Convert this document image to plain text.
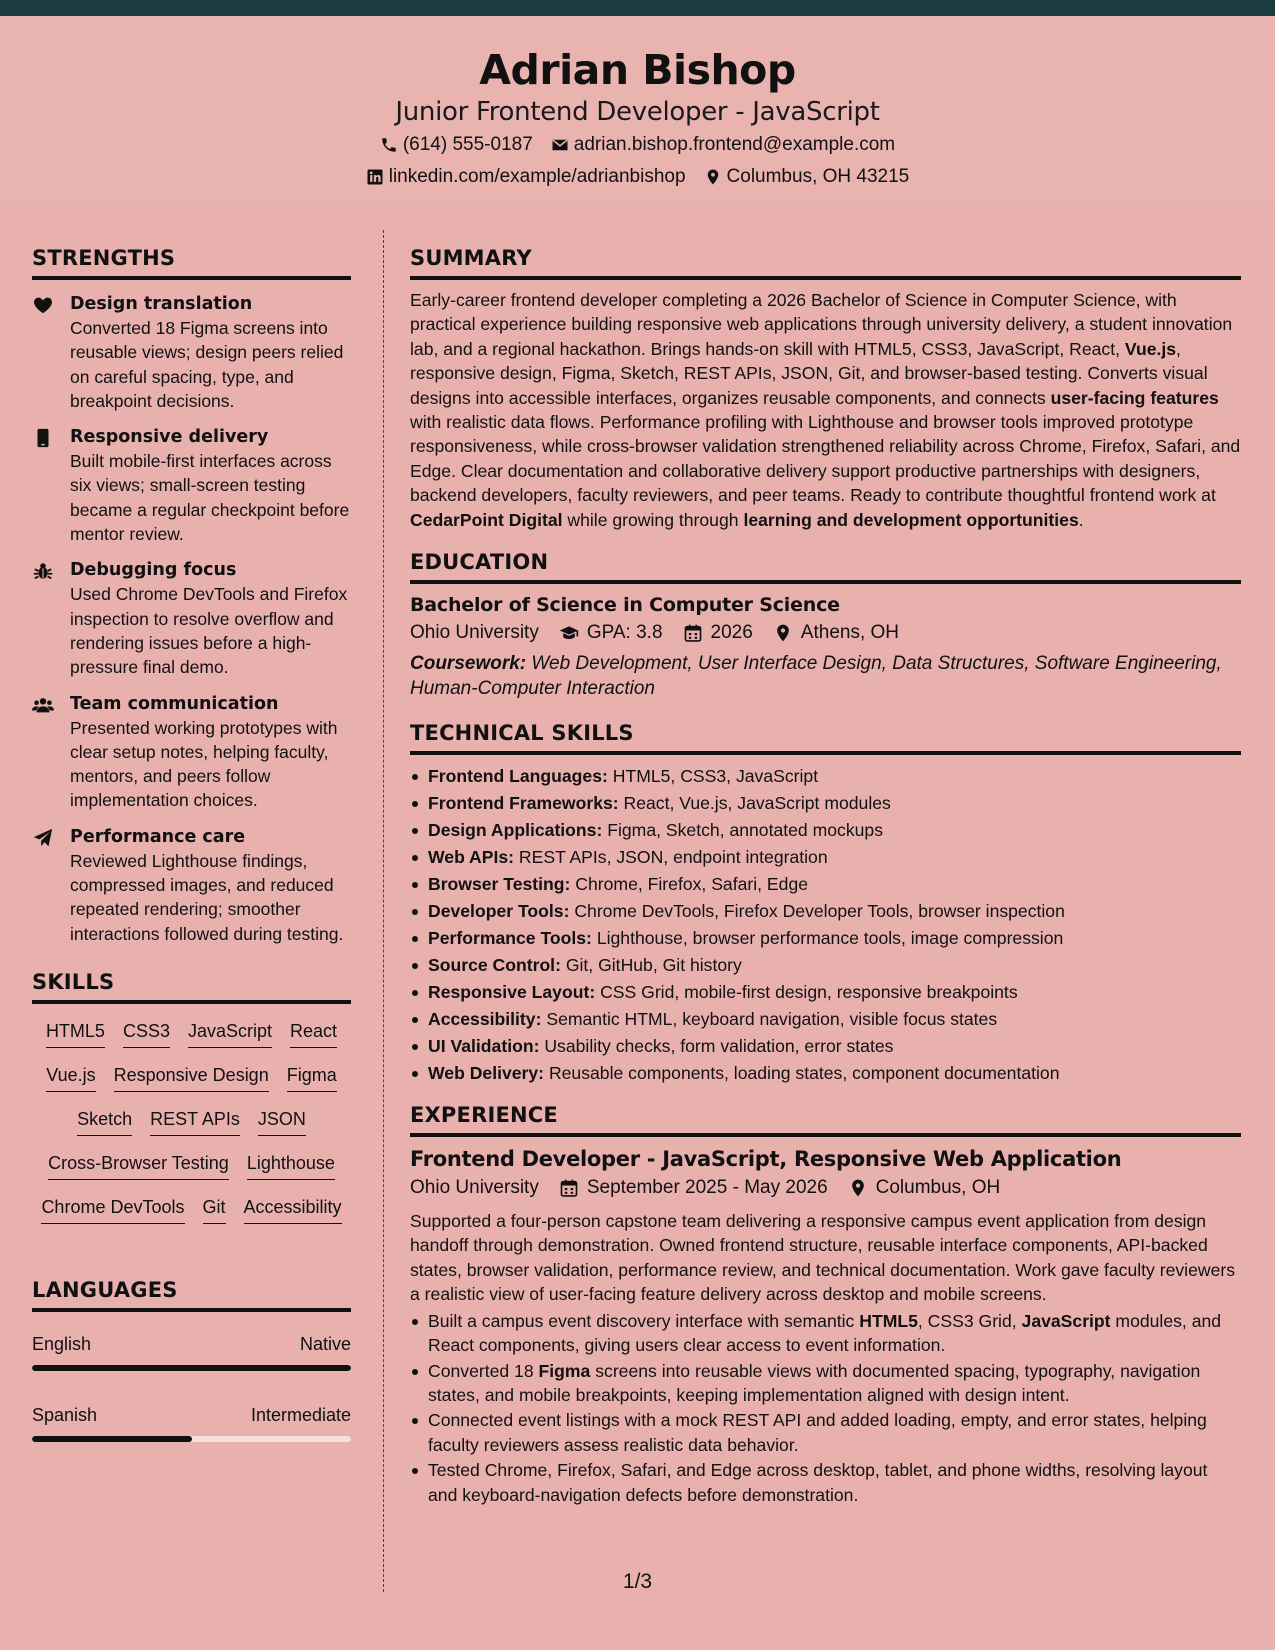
Adrian Bishop
Junior Frontend Developer - JavaScript
(614) 555-0187 adrian.bishop.frontend@example.com
linkedin.com/example/adrianbishop Columbus, OH 43215
STRENGTHS
Design translation
Converted 18 Figma screens into reusable views; design peers relied on careful spacing, type, and breakpoint decisions.
Responsive delivery
Built mobile-first interfaces across six views; small-screen testing became a regular checkpoint before mentor review.
Debugging focus
Used Chrome DevTools and Firefox inspection to resolve overflow and rendering issues before a high-pressure final demo.
Team communication
Presented working prototypes with clear setup notes, helping faculty, mentors, and peers follow implementation choices.
Performance care
Reviewed Lighthouse findings, compressed images, and reduced repeated rendering; smoother interactions followed during testing.
SKILLS
HTML5 CSS3 JavaScript React
Vue.js Responsive Design Figma
Sketch REST APIs JSON
Cross-Browser Testing Lighthouse
Chrome DevTools Git Accessibility
LANGUAGES
English	Native
Spanish	Intermediate
SUMMARY
Early-career frontend developer completing a 2026 Bachelor of Science in Computer Science, with practical experience building responsive web applications through university delivery, a student innovation lab, and a regional hackathon. Brings hands-on skill with HTML5, CSS3, JavaScript, React, Vue.js, responsive design, Figma, Sketch, REST APIs, JSON, Git, and browser-based testing. Converts visual designs into accessible interfaces, organizes reusable components, and connects user-facing features with realistic data flows. Performance profiling with Lighthouse and browser tools improved prototype responsiveness, while cross-browser validation strengthened reliability across Chrome, Firefox, Safari, and Edge. Clear documentation and collaborative delivery support productive partnerships with designers, backend developers, faculty reviewers, and peer teams. Ready to contribute thoughtful frontend work at CedarPoint Digital while growing through learning and development opportunities.
EDUCATION
Bachelor of Science in Computer Science
Ohio University	GPA: 3.8	2026	Athens, OH
Coursework: Web Development, User Interface Design, Data Structures, Software Engineering, Human-Computer Interaction
TECHNICAL SKILLS
Frontend Languages: HTML5, CSS3, JavaScript
Frontend Frameworks: React, Vue.js, JavaScript modules
Design Applications: Figma, Sketch, annotated mockups
Web APIs: REST APIs, JSON, endpoint integration
Browser Testing: Chrome, Firefox, Safari, Edge
Developer Tools: Chrome DevTools, Firefox Developer Tools, browser inspection
Performance Tools: Lighthouse, browser performance tools, image compression
Source Control: Git, GitHub, Git history
Responsive Layout: CSS Grid, mobile-first design, responsive breakpoints
Accessibility: Semantic HTML, keyboard navigation, visible focus states
UI Validation: Usability checks, form validation, error states
Web Delivery: Reusable components, loading states, component documentation
EXPERIENCE
Frontend Developer - JavaScript, Responsive Web Application
Ohio University	September 2025 - May 2026	Columbus, OH
Supported a four-person capstone team delivering a responsive campus event application from design handoff through demonstration. Owned frontend structure, reusable interface components, API-backed states, browser validation, performance review, and technical documentation. Work gave faculty reviewers a realistic view of user-facing feature delivery across desktop and mobile screens.
Built a campus event discovery interface with semantic HTML5, CSS3 Grid, JavaScript modules, and React components, giving users clear access to event information.
Converted 18 Figma screens into reusable views with documented spacing, typography, navigation states, and mobile breakpoints, keeping implementation aligned with design intent.
Connected event listings with a mock REST API and added loading, empty, and error states, helping faculty reviewers assess realistic data behavior.
Tested Chrome, Firefox, Safari, and Edge across desktop, tablet, and phone widths, resolving layout and keyboard-navigation defects before demonstration.
1/3
